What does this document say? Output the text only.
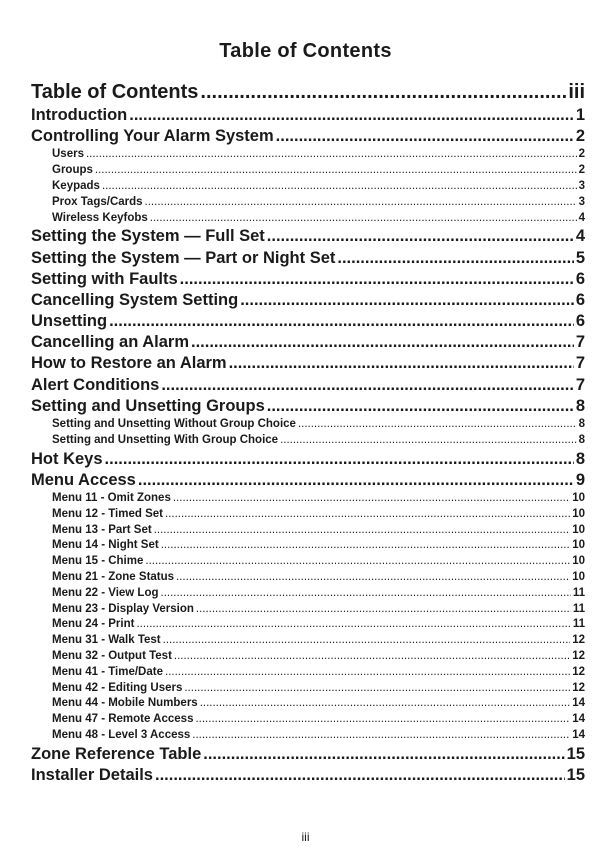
Table of Contents
Table of Contents .....	iii
Introduction .....	1
Controlling Your Alarm System .....	2
Users .....	2
Groups .....	2
Keypads .....	3
Prox Tags/Cards .....	3
Wireless Keyfobs .....	4
Setting the System — Full Set .....	4
Setting the System — Part or Night Set .....	5
Setting with Faults .....	6
Cancelling System Setting .....	6
Unsetting .....	6
Cancelling an Alarm .....	7
How to Restore an Alarm .....	7
Alert Conditions .....	7
Setting and Unsetting Groups .....	8
Setting and Unsetting Without Group Choice .....	8
Setting and Unsetting With Group Choice .....	8
Hot Keys .....	8
Menu Access .....	9
Menu 11 - Omit Zones .....	10
Menu 12 - Timed Set .....	10
Menu 13 - Part Set .....	10
Menu 14 - Night Set .....	10
Menu 15 - Chime .....	10
Menu 21 - Zone Status .....	10
Menu 22 - View Log .....	11
Menu 23 - Display Version .....	11
Menu 24 - Print .....	11
Menu 31 - Walk Test .....	12
Menu 32 - Output Test .....	12
Menu 41 - Time/Date .....	12
Menu 42 - Editing Users .....	12
Menu 44 - Mobile Numbers .....	14
Menu 47 - Remote Access .....	14
Menu 48 - Level 3 Access .....	14
Zone Reference Table .....	15
Installer Details .....	15
iii
